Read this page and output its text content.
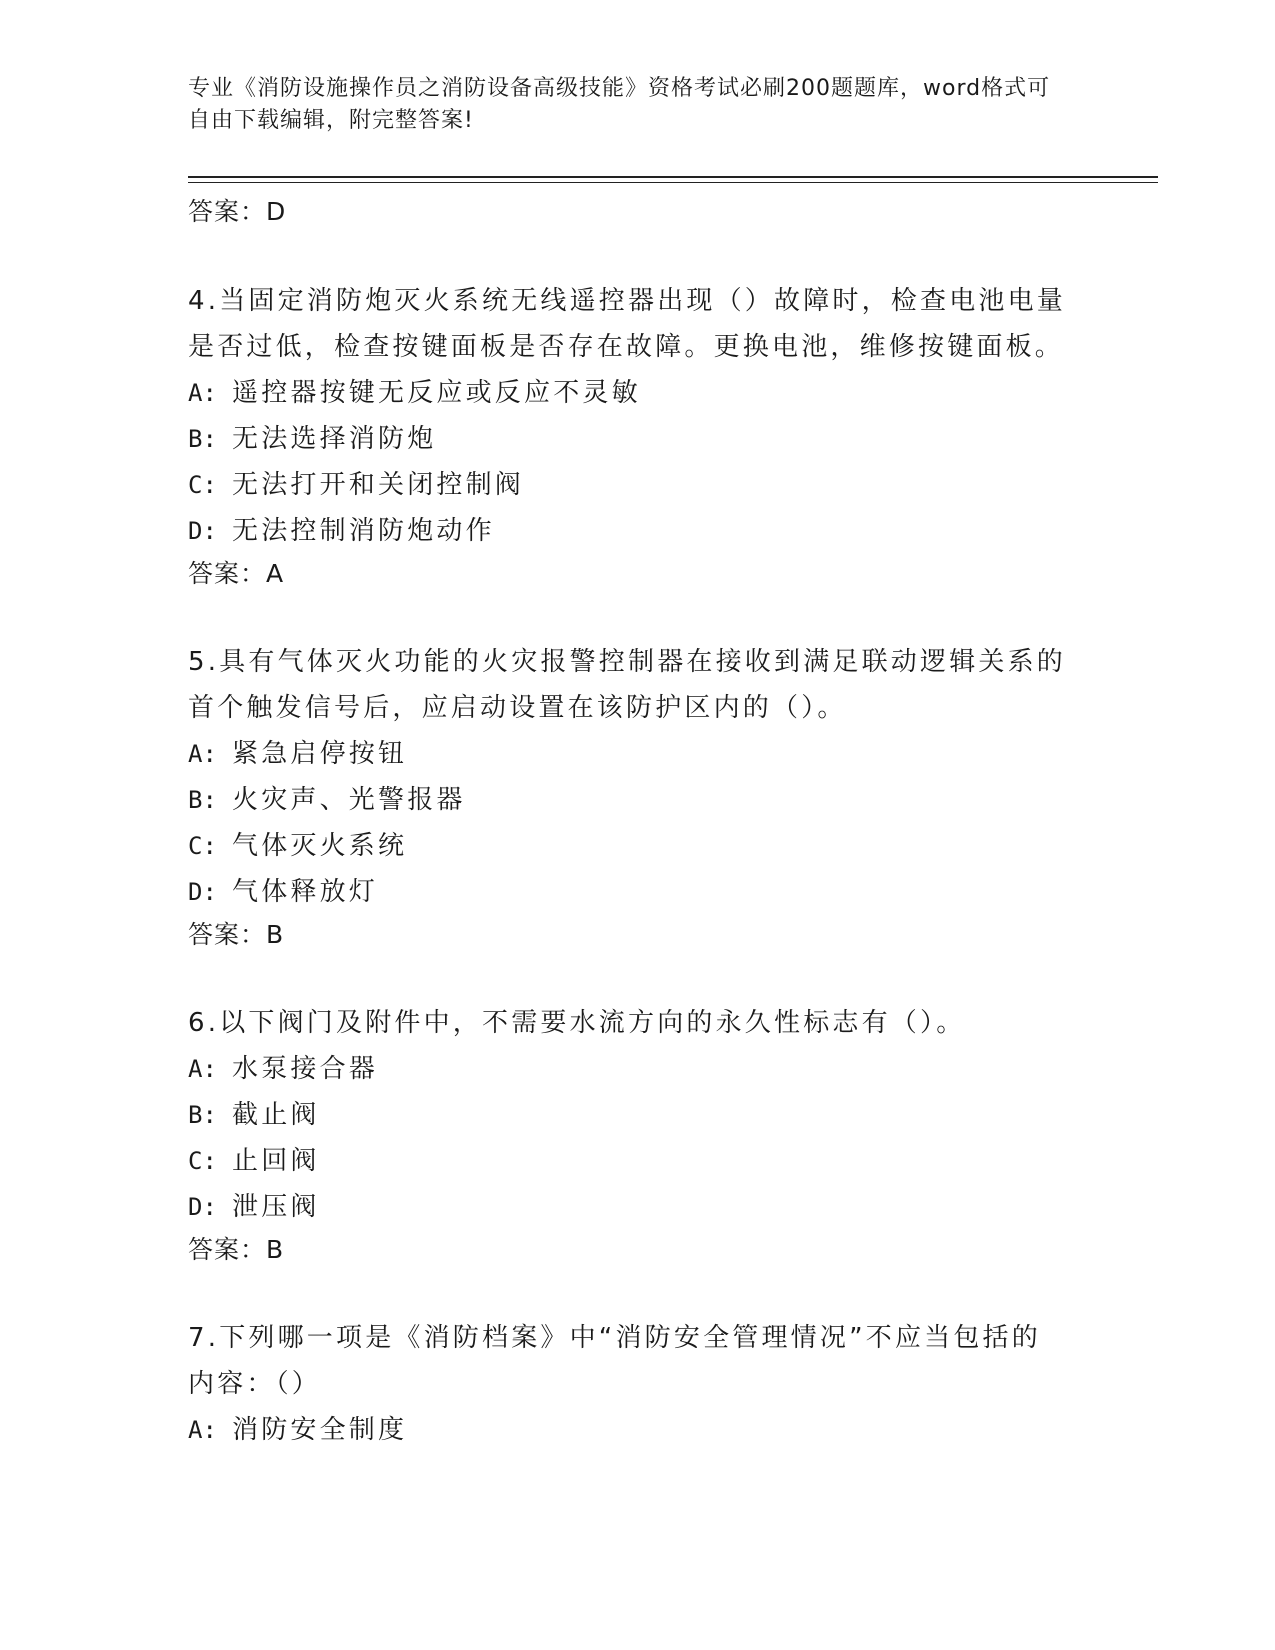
专业《消防设施操作员之消防设备高级技能》资格考试必刷200题题库，word格式可自由下载编辑，附完整答案!
答案：D
4.当固定消防炮灭火系统无线遥控器出现（）故障时，检查电池电量是否过低，检查按键面板是否存在故障。更换电池，维修按键面板。
A: 遥控器按键无反应或反应不灵敏
B: 无法选择消防炮
C: 无法打开和关闭控制阀
D: 无法控制消防炮动作
答案：A
5.具有气体灭火功能的火灾报警控制器在接收到满足联动逻辑关系的首个触发信号后，应启动设置在该防护区内的（）。
A: 紧急启停按钮
B: 火灾声、光警报器
C: 气体灭火系统
D: 气体释放灯
答案：B
6.以下阀门及附件中，不需要水流方向的永久性标志有（）。
A: 水泵接合器
B: 截止阀
C: 止回阀
D: 泄压阀
答案：B
7.下列哪一项是《消防档案》中“消防安全管理情况”不应当包括的内容：（）
A: 消防安全制度
